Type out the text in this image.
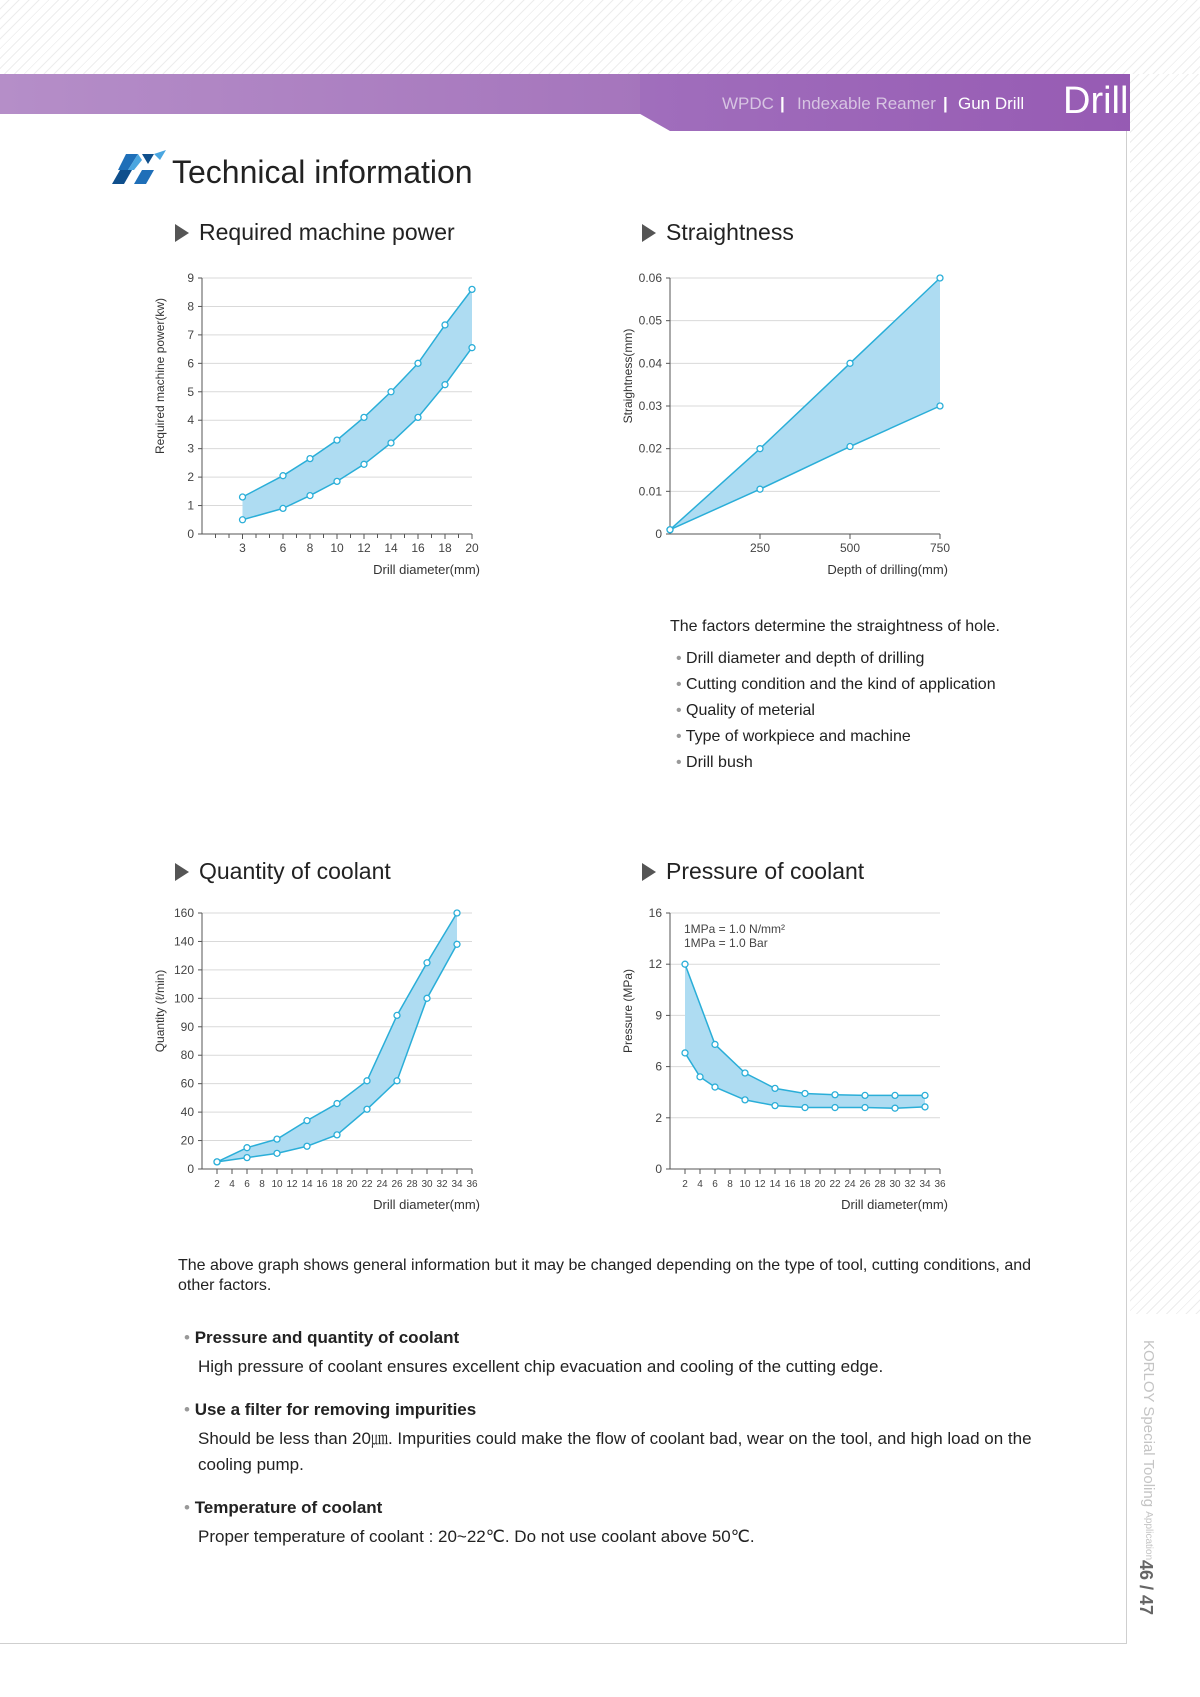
WPDC | Indexable Reamer | Gun Drill Drill
Technical information
Required machine power	Straightness
Quantity of coolant	Pressure of coolant
0
1
2
3
4
5
6
7
8
9
3	6 8 10 12 14 16 18 20
Drill diameter(mm)
Required machine power(kw)
0
0.01
0.02
0.03
0.04
0.05
0.06
250	500	750
Depth of drilling(mm)
Straightness(mm)
0
20
40
60
80
90
100
120
140
160
2 4 6 8 10 12 14 16 18 20 22 24 26 28 30 32 34 36
Drill diameter(mm)
Quantity (ℓ/min)
0
2
6
9
12
16
2 4 6 8 10 12 14 16 18 20 22 24 26 28 30 32 34 36
Drill diameter(mm)
Pressure (MPa)
1MPa = 1.0 N/mm²
1MPa = 1.0 Bar
The factors determine the straightness of hole.
• Drill diameter and depth of drilling
• Cutting condition and the kind of application
• Quality of meterial
• Type of workpiece and machine
• Drill bush
The above graph shows general information but it may be changed depending on the type of tool, cutting conditions, and other factors.
• Pressure and quantity of coolant
High pressure of coolant ensures excellent chip evacuation and cooling of the cutting edge.
• Use a filter for removing impurities
Should be less than 20㎛. Impurities could make the flow of coolant bad, wear on the tool, and high load on the cooling pump.
• Temperature of coolant
Proper temperature of coolant : 20~22℃. Do not use coolant above 50℃.
KORLOY Special Tooling Application
46 / 47
